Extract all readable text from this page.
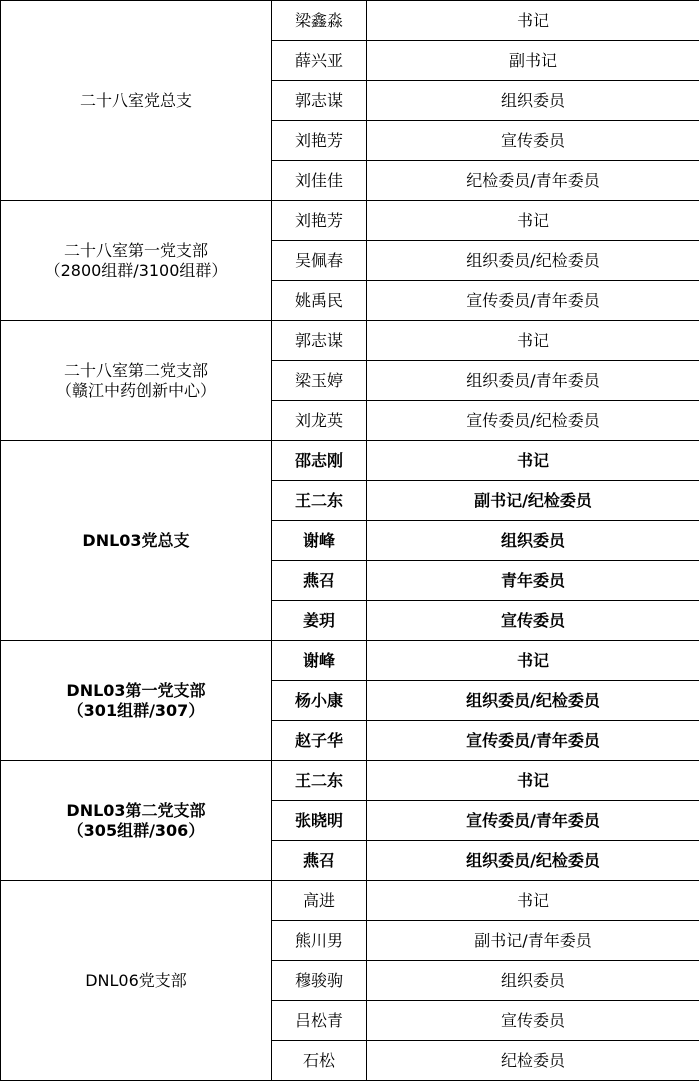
二十八室党总支	梁鑫淼	书记
	薛兴亚	副书记
	郭志谋	组织委员
	刘艳芳	宣传委员
	刘佳佳	纪检委员/青年委员

二十八室第一党支部
（2800组群/3100组群）	刘艳芳	书记
	吴佩春	组织委员/纪检委员
	姚禹民	宣传委员/青年委员

二十八室第二党支部
（赣江中药创新中心）	郭志谋	书记
	梁玉婷	组织委员/青年委员
	刘龙英	宣传委员/纪检委员

DNL03党总支	邵志刚	书记
	王二东	副书记/纪检委员
	谢峰	组织委员
	燕召	青年委员
	姜玥	宣传委员

DNL03第一党支部
（301组群/307）	谢峰	书记
	杨小康	组织委员/纪检委员
	赵子华	宣传委员/青年委员

DNL03第二党支部
（305组群/306）	王二东	书记
	张晓明	宣传委员/青年委员
	燕召	组织委员/纪检委员

DNL06党支部	高进	书记
	熊川男	副书记/青年委员
	穆骏驹	组织委员
	吕松青	宣传委员
	石松	纪检委员
